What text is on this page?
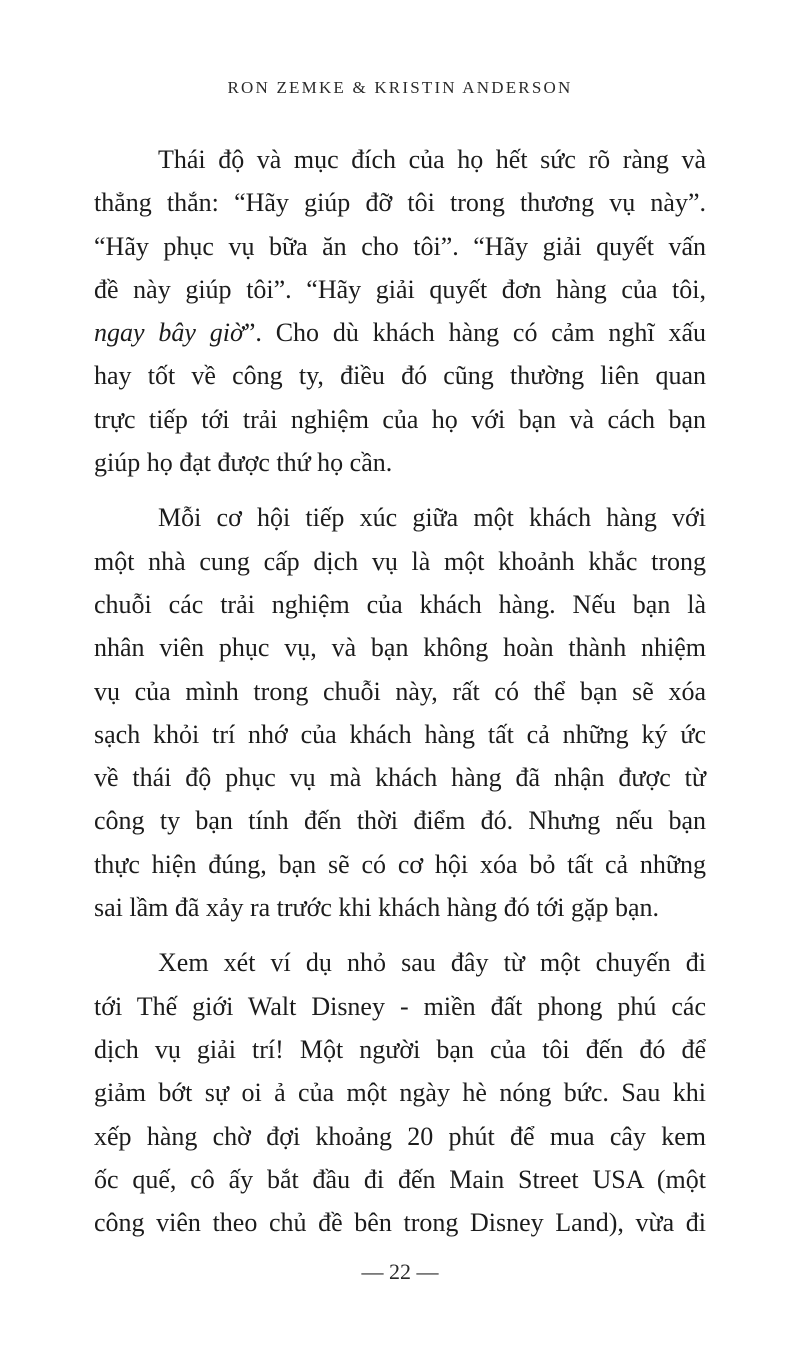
RON ZEMKE & KRISTIN ANDERSON
Thái độ và mục đích của họ hết sức rõ ràng và
thẳng thắn: “Hãy giúp đỡ tôi trong thương vụ này”.
“Hãy phục vụ bữa ăn cho tôi”. “Hãy giải quyết vấn
đề này giúp tôi”. “Hãy giải quyết đơn hàng của tôi,
ngay bây giờ”. Cho dù khách hàng có cảm nghĩ xấu
hay tốt về công ty, điều đó cũng thường liên quan
trực tiếp tới trải nghiệm của họ với bạn và cách bạn
giúp họ đạt được thứ họ cần.
Mỗi cơ hội tiếp xúc giữa một khách hàng với
một nhà cung cấp dịch vụ là một khoảnh khắc trong
chuỗi các trải nghiệm của khách hàng. Nếu bạn là
nhân viên phục vụ, và bạn không hoàn thành nhiệm
vụ của mình trong chuỗi này, rất có thể bạn sẽ xóa
sạch khỏi trí nhớ của khách hàng tất cả những ký ức
về thái độ phục vụ mà khách hàng đã nhận được từ
công ty bạn tính đến thời điểm đó. Nhưng nếu bạn
thực hiện đúng, bạn sẽ có cơ hội xóa bỏ tất cả những
sai lầm đã xảy ra trước khi khách hàng đó tới gặp bạn.
Xem xét ví dụ nhỏ sau đây từ một chuyến đi
tới Thế giới Walt Disney - miền đất phong phú các
dịch vụ giải trí! Một người bạn của tôi đến đó để
giảm bớt sự oi ả của một ngày hè nóng bức. Sau khi
xếp hàng chờ đợi khoảng 20 phút để mua cây kem
ốc quế, cô ấy bắt đầu đi đến Main Street USA (một
công viên theo chủ đề bên trong Disney Land), vừa đi
— 22 —
